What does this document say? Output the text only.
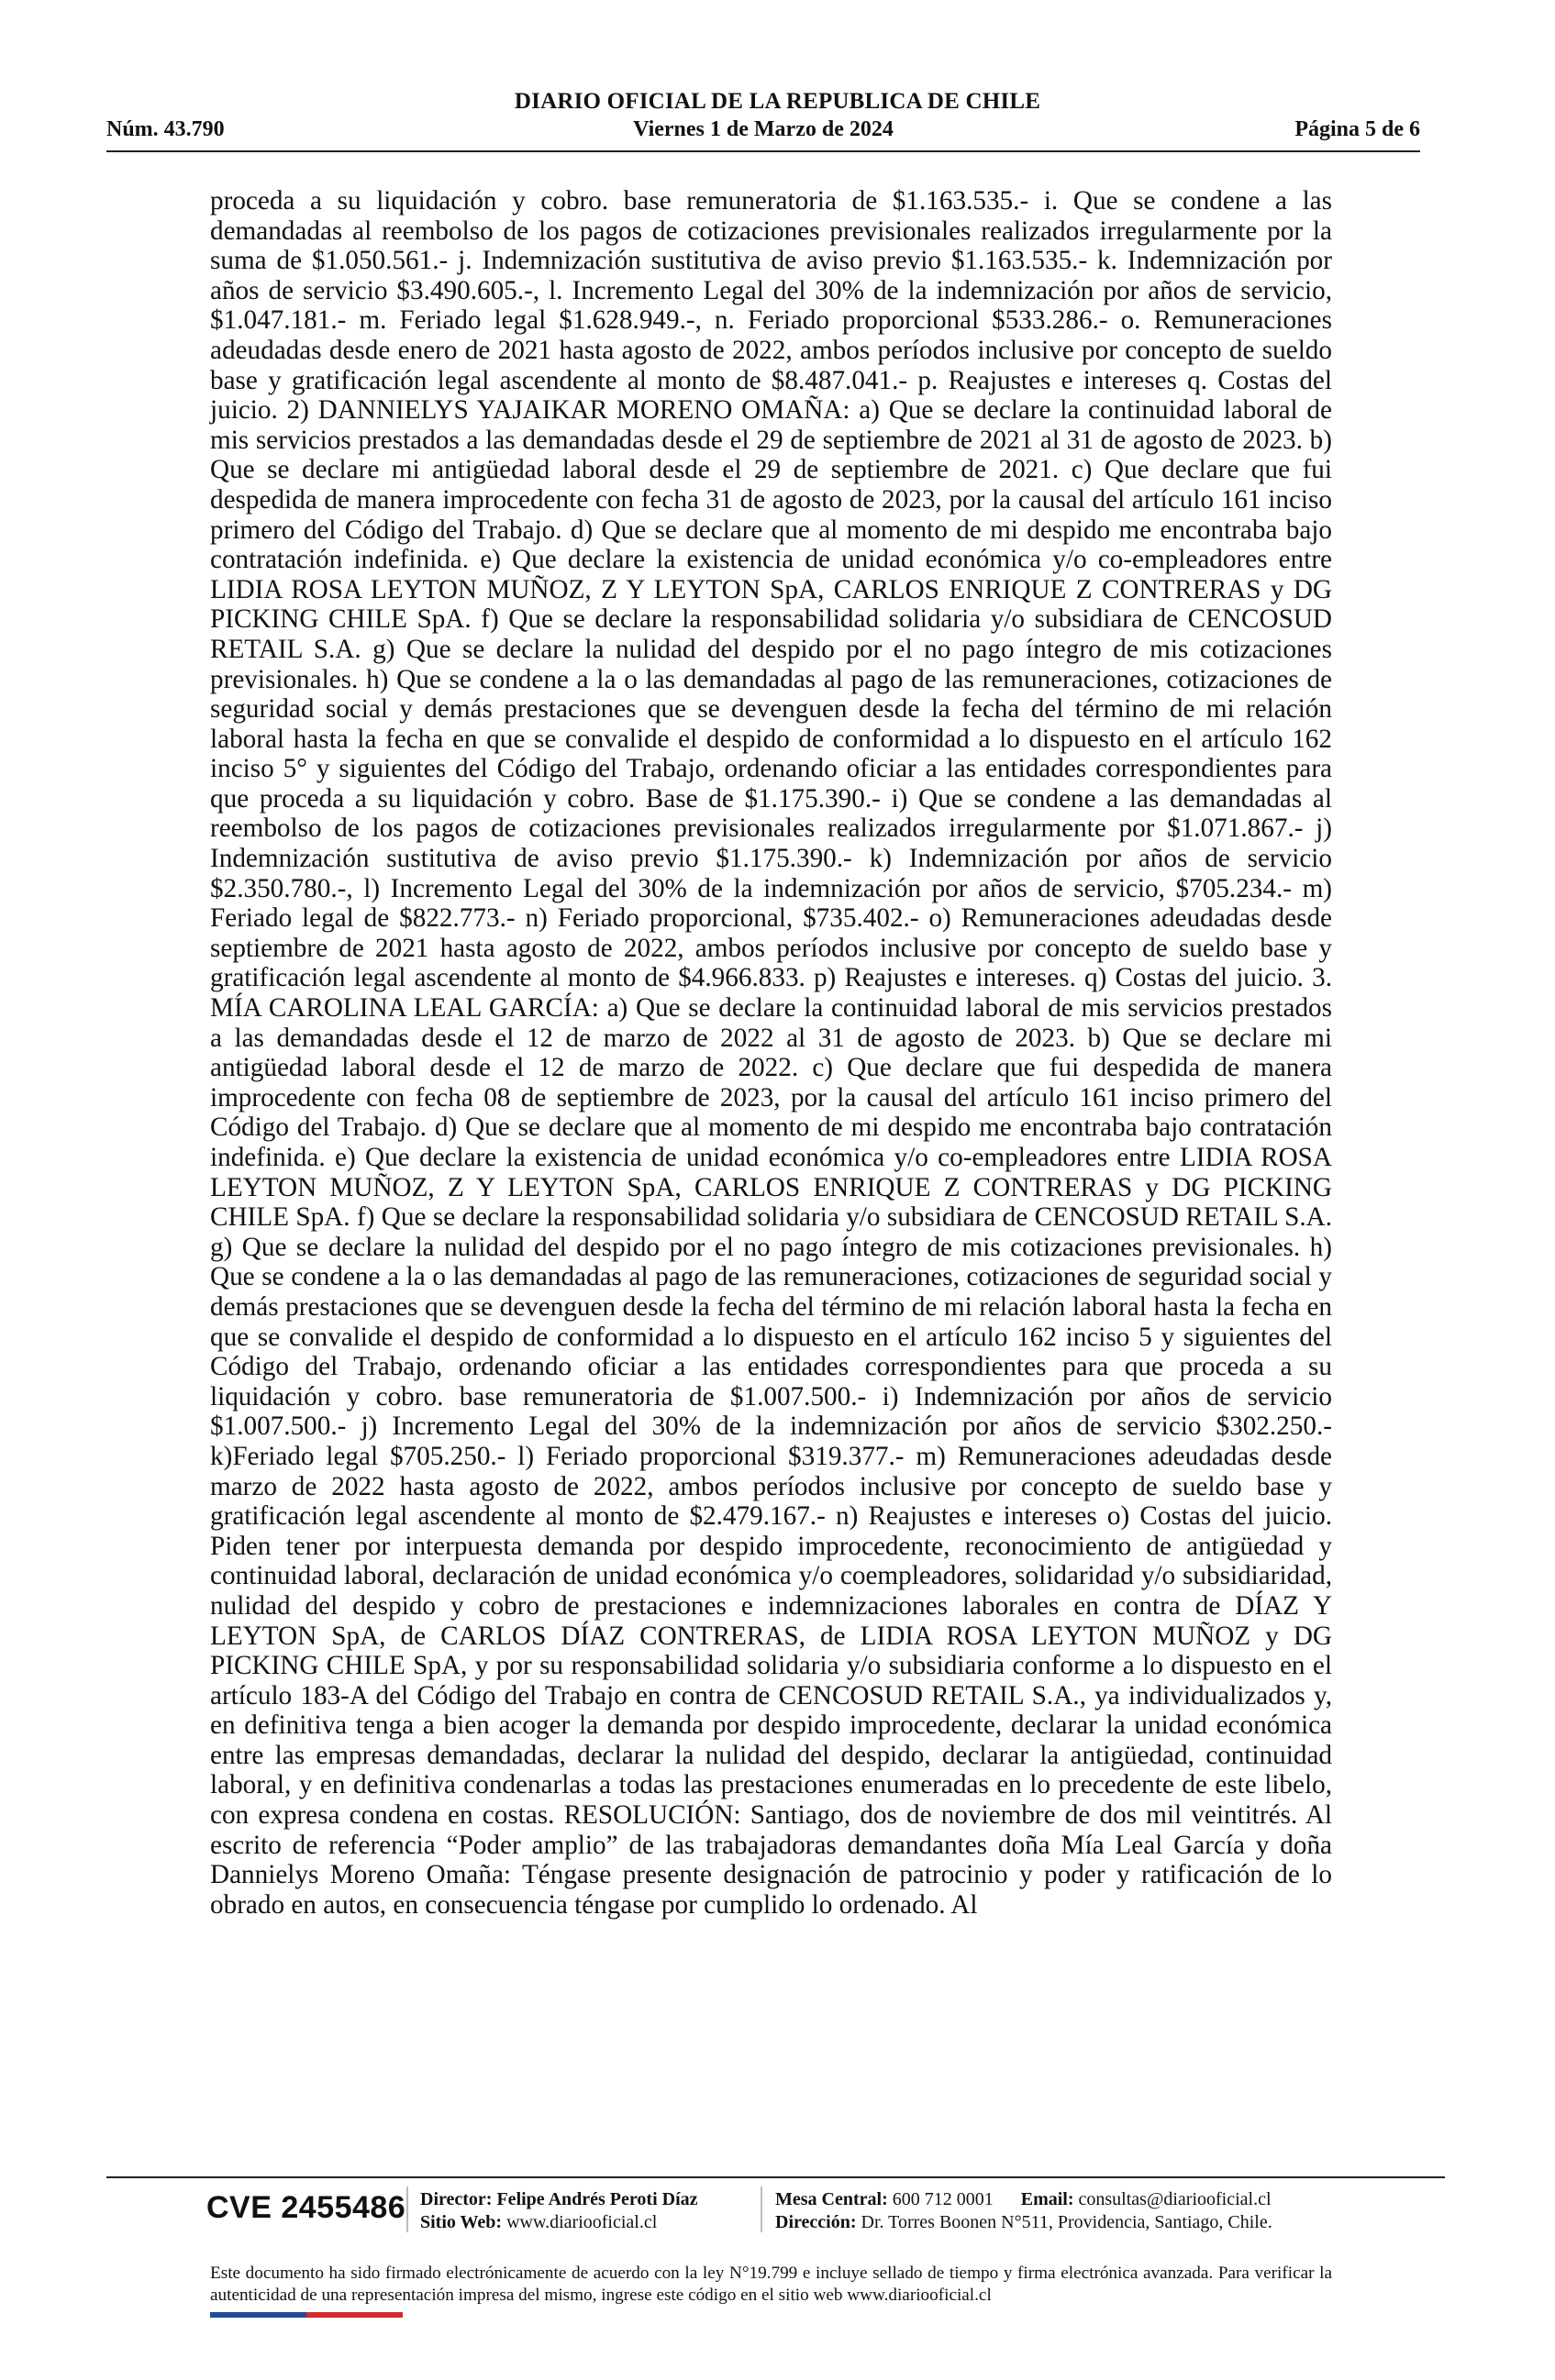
DIARIO OFICIAL DE LA REPUBLICA DE CHILE
Núm. 43.790	Viernes 1 de Marzo de 2024	Página 5 de 6

proceda a su liquidación y cobro. base remuneratoria de $1.163.535.- i. Que se condene a las demandadas al reembolso de los pagos de cotizaciones previsionales realizados irregularmente por la suma de $1.050.561.- j. Indemnización sustitutiva de aviso previo $1.163.535.- k. Indemnización por años de servicio $3.490.605.-, l. Incremento Legal del 30% de la indemnización por años de servicio, $1.047.181.- m. Feriado legal $1.628.949.-, n. Feriado proporcional $533.286.- o. Remuneraciones adeudadas desde enero de 2021 hasta agosto de 2022, ambos períodos inclusive por concepto de sueldo base y gratificación legal ascendente al monto de $8.487.041.- p. Reajustes e intereses q. Costas del juicio. 2) DANNIELYS YAJAIKAR MORENO OMAÑA: a) Que se declare la continuidad laboral de mis servicios prestados a las demandadas desde el 29 de septiembre de 2021 al 31 de agosto de 2023. b) Que se declare mi antigüedad laboral desde el 29 de septiembre de 2021. c) Que declare que fui despedida de manera improcedente con fecha 31 de agosto de 2023, por la causal del artículo 161 inciso primero del Código del Trabajo. d) Que se declare que al momento de mi despido me encontraba bajo contratación indefinida. e) Que declare la existencia de unidad económica y/o co-empleadores entre LIDIA ROSA LEYTON MUÑOZ, Z Y LEYTON SpA, CARLOS ENRIQUE Z CONTRERAS y DG PICKING CHILE SpA. f) Que se declare la responsabilidad solidaria y/o subsidiara de CENCOSUD RETAIL S.A. g) Que se declare la nulidad del despido por el no pago íntegro de mis cotizaciones previsionales. h) Que se condene a la o las demandadas al pago de las remuneraciones, cotizaciones de seguridad social y demás prestaciones que se devenguen desde la fecha del término de mi relación laboral hasta la fecha en que se convalide el despido de conformidad a lo dispuesto en el artículo 162 inciso 5° y siguientes del Código del Trabajo, ordenando oficiar a las entidades correspondientes para que proceda a su liquidación y cobro. Base de $1.175.390.- i) Que se condene a las demandadas al reembolso de los pagos de cotizaciones previsionales realizados irregularmente por $1.071.867.- j) Indemnización sustitutiva de aviso previo $1.175.390.- k) Indemnización por años de servicio $2.350.780.-, l) Incremento Legal del 30% de la indemnización por años de servicio, $705.234.- m) Feriado legal de $822.773.- n) Feriado proporcional, $735.402.- o) Remuneraciones adeudadas desde septiembre de 2021 hasta agosto de 2022, ambos períodos inclusive por concepto de sueldo base y gratificación legal ascendente al monto de $4.966.833. p) Reajustes e intereses. q) Costas del juicio. 3. MÍA CAROLINA LEAL GARCÍA: a) Que se declare la continuidad laboral de mis servicios prestados a las demandadas desde el 12 de marzo de 2022 al 31 de agosto de 2023. b) Que se declare mi antigüedad laboral desde el 12 de marzo de 2022. c) Que declare que fui despedida de manera improcedente con fecha 08 de septiembre de 2023, por la causal del artículo 161 inciso primero del Código del Trabajo. d) Que se declare que al momento de mi despido me encontraba bajo contratación indefinida. e) Que declare la existencia de unidad económica y/o co-empleadores entre LIDIA ROSA LEYTON MUÑOZ, Z Y LEYTON SpA, CARLOS ENRIQUE Z CONTRERAS y DG PICKING CHILE SpA. f) Que se declare la responsabilidad solidaria y/o subsidiara de CENCOSUD RETAIL S.A. g) Que se declare la nulidad del despido por el no pago íntegro de mis cotizaciones previsionales. h) Que se condene a la o las demandadas al pago de las remuneraciones, cotizaciones de seguridad social y demás prestaciones que se devenguen desde la fecha del término de mi relación laboral hasta la fecha en que se convalide el despido de conformidad a lo dispuesto en el artículo 162 inciso 5 y siguientes del Código del Trabajo, ordenando oficiar a las entidades correspondientes para que proceda a su liquidación y cobro. base remuneratoria de $1.007.500.- i) Indemnización por años de servicio $1.007.500.- j) Incremento Legal del 30% de la indemnización por años de servicio $302.250.- k)Feriado legal $705.250.- l) Feriado proporcional $319.377.- m) Remuneraciones adeudadas desde marzo de 2022 hasta agosto de 2022, ambos períodos inclusive por concepto de sueldo base y gratificación legal ascendente al monto de $2.479.167.- n) Reajustes e intereses o) Costas del juicio. Piden tener por interpuesta demanda por despido improcedente, reconocimiento de antigüedad y continuidad laboral, declaración de unidad económica y/o coempleadores, solidaridad y/o subsidiaridad, nulidad del despido y cobro de prestaciones e indemnizaciones laborales en contra de DÍAZ Y LEYTON SpA, de CARLOS DÍAZ CONTRERAS, de LIDIA ROSA LEYTON MUÑOZ y DG PICKING CHILE SpA, y por su responsabilidad solidaria y/o subsidiaria conforme a lo dispuesto en el artículo 183-A del Código del Trabajo en contra de CENCOSUD RETAIL S.A., ya individualizados y, en definitiva tenga a bien acoger la demanda por despido improcedente, declarar la unidad económica entre las empresas demandadas, declarar la nulidad del despido, declarar la antigüedad, continuidad laboral, y en definitiva condenarlas a todas las prestaciones enumeradas en lo precedente de este libelo, con expresa condena en costas. RESOLUCIÓN: Santiago, dos de noviembre de dos mil veintitrés. Al escrito de referencia “Poder amplio” de las trabajadoras demandantes doña Mía Leal García y doña Dannielys Moreno Omaña: Téngase presente designación de patrocinio y poder y ratificación de lo obrado en autos, en consecuencia téngase por cumplido lo ordenado. Al

CVE 2455486 Director: Felipe Andrés Peroti Díaz
Sitio Web: www.diariooficial.cl
Mesa Central: 600 712 0001 Email: consultas@diariooficial.cl
Dirección: Dr. Torres Boonen N°511, Providencia, Santiago, Chile.
Este documento ha sido firmado electrónicamente de acuerdo con la ley N°19.799 e incluye sellado de tiempo y firma electrónica avanzada. Para verificar la autenticidad de una representación impresa del mismo, ingrese este código en el sitio web www.diariooficial.cl
